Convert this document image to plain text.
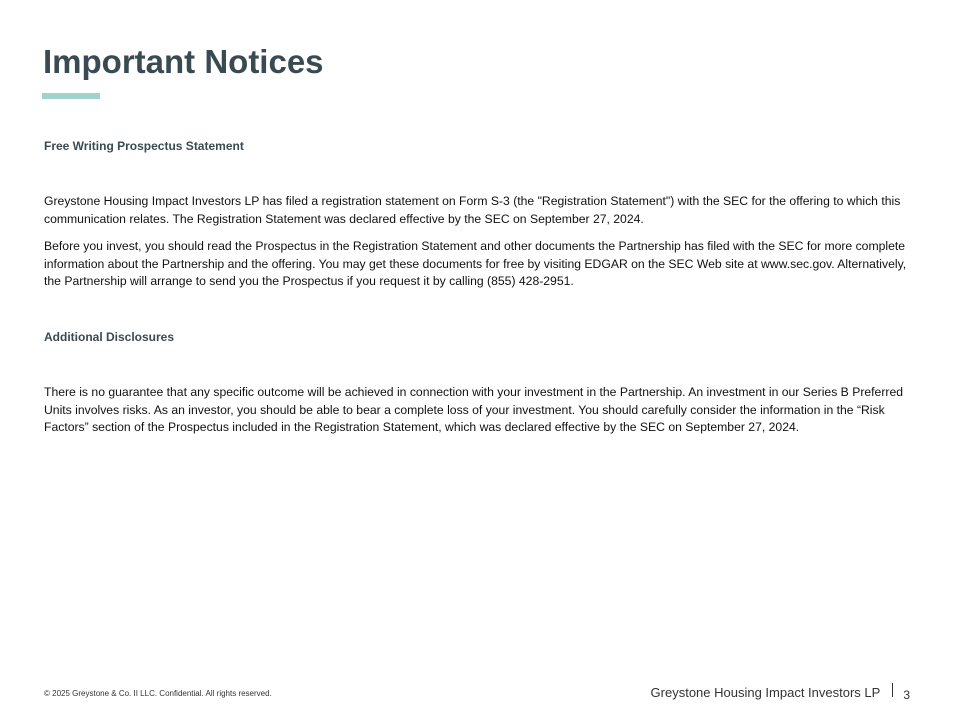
Important Notices
Free Writing Prospectus Statement

Greystone Housing Impact Investors LP has filed a registration statement on Form S-3 (the "Registration Statement") with the SEC for the offering to which this communication relates. The Registration Statement was declared effective by the SEC on September 27, 2024.

Before you invest, you should read the Prospectus in the Registration Statement and other documents the Partnership has filed with the SEC for more complete information about the Partnership and the offering. You may get these documents for free by visiting EDGAR on the SEC Web site at www.sec.gov. Alternatively, the Partnership will arrange to send you the Prospectus if you request it by calling (855) 428-2951.

Additional Disclosures

There is no guarantee that any specific outcome will be achieved in connection with your investment in the Partnership. An investment in our Series B Preferred Units involves risks. As an investor, you should be able to bear a complete loss of your investment. You should carefully consider the information in the “Risk Factors” section of the Prospectus included in the Registration Statement, which was declared effective by the SEC on September 27, 2024.

© 2025 Greystone & Co. II LLC. Confidential. All rights reserved.	Greystone Housing Impact Investors LP 3
